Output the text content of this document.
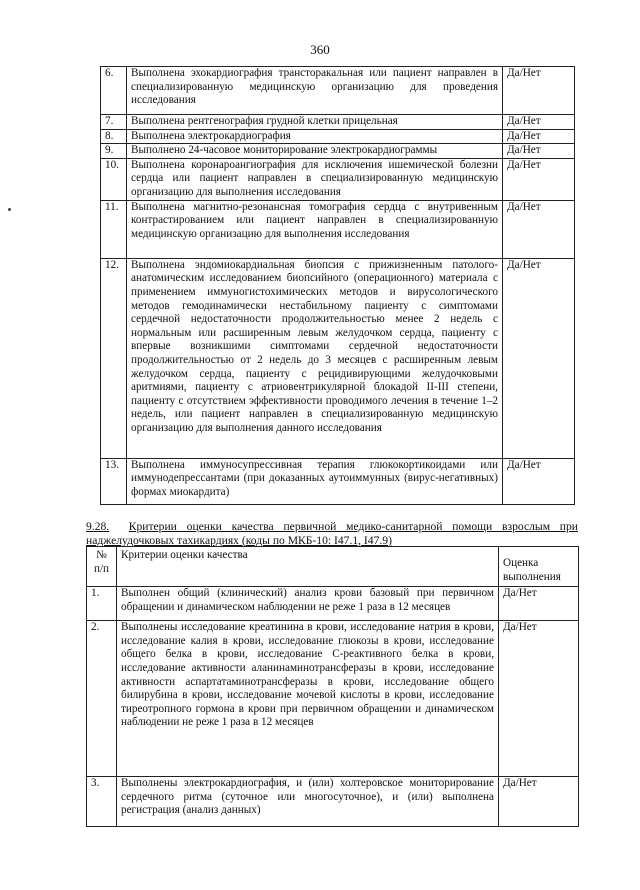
360
6.	Выполнена эхокардиография трансторакальная или пациент направлен в специализированную медицинскую организацию для проведения исследования	Да/Нет
7.	Выполнена рентгенография грудной клетки прицельная	Да/Нет
8.	Выполнена электрокардиография	Да/Нет
9.	Выполнено 24-часовое мониторирование электрокардиограммы	Да/Нет
10.	Выполнена коронароангиография для исключения ишемической болезни сердца или пациент направлен в специализированную медицинскую организацию для выполнения исследования	Да/Нет
11.	Выполнена магнитно-резонансная томография сердца с внутривенным контрастированием или пациент направлен в специализированную медицинскую организацию для выполнения исследования	Да/Нет
12.	Выполнена эндомиокардиальная биопсия с прижизненным патолого-анатомическим исследованием биопсийного (операционного) материала с применением иммуногистохимических методов и вирусологического методов гемодинамически нестабильному пациенту с симптомами сердечной недостаточности продолжительностью менее 2 недель с нормальным или расширенным левым желудочком сердца, пациенту с впервые возникшими симптомами сердечной недостаточности продолжительностью от 2 недель до 3 месяцев с расширенным левым желудочком сердца, пациенту с рецидивирующими желудочковыми аритмиями, пациенту с атриовентрикулярной блокадой II-III степени, пациенту с отсутствием эффективности проводимого лечения в течение 1–2 недель, или пациент направлен в специализированную медицинскую организацию для выполнения данного исследования	Да/Нет
13.	Выполнена иммуносупрессивная терапия глюкокортикоидами или иммунодепрессантами (при доказанных аутоиммунных (вирус-негативных) формах миокардита)	Да/Нет
9.28. Критерии оценки качества первичной медико-санитарной помощи взрослым при наджелудочковых тахикардиях (коды по МКБ-10: I47.1, I47.9)
№ п/п	Критерии оценки качества	Оценка выполнения
1.	Выполнен общий (клинический) анализ крови базовый при первичном обращении и динамическом наблюдении не реже 1 раза в 12 месяцев	Да/Нет
2.	Выполнены исследование креатинина в крови, исследование натрия в крови, исследование калия в крови, исследование глюкозы в крови, исследование общего белка в крови, исследование С-реактивного белка в крови, исследование активности аланинаминотрансферазы в крови, исследование активности аспартатаминотрансферазы в крови, исследование общего билирубина в крови, исследование мочевой кислоты в крови, исследование тиреотропного гормона в крови при первичном обращении и динамическом наблюдении не реже 1 раза в 12 месяцев	Да/Нет
3.	Выполнены электрокардиография, и (или) холтеровское мониторирование сердечного ритма (суточное или многосуточное), и (или) выполнена регистрация (анализ данных)	Да/Нет
